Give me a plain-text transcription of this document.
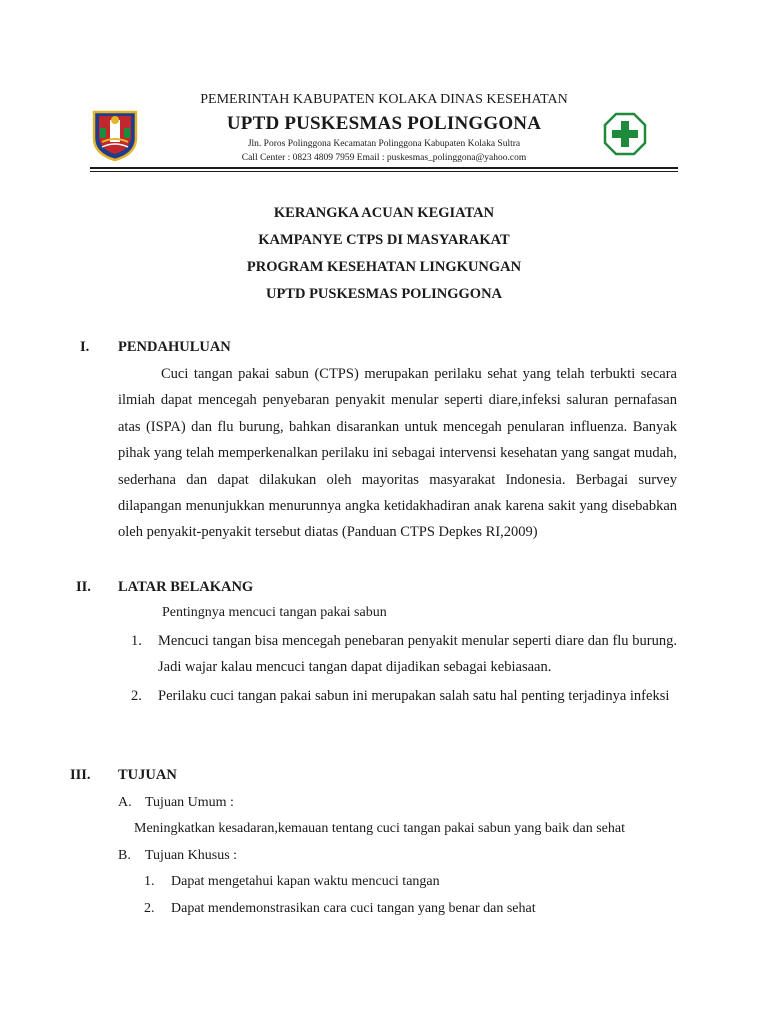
PEMERINTAH KABUPATEN KOLAKA DINAS KESEHATAN
UPTD PUSKESMAS POLINGGONA
Jln. Poros Polinggona Kecamatan Polinggona Kabupaten Kolaka Sultra
Call Center : 0823 4809 7959 Email : puskesmas_polinggona@yahoo.com
KERANGKA ACUAN KEGIATAN
KAMPANYE CTPS DI MASYARAKAT
PROGRAM KESEHATAN LINGKUNGAN
UPTD PUSKESMAS POLINGGONA
I. PENDAHULUAN
Cuci tangan pakai sabun (CTPS) merupakan perilaku sehat yang telah terbukti secara ilmiah dapat mencegah penyebaran penyakit menular seperti diare,infeksi saluran pernafasan atas (ISPA) dan flu burung, bahkan disarankan untuk mencegah penularan influenza. Banyak pihak yang telah memperkenalkan perilaku ini sebagai intervensi kesehatan yang sangat mudah, sederhana dan dapat dilakukan oleh mayoritas masyarakat Indonesia. Berbagai survey dilapangan menunjukkan menurunnya angka ketidakhadiran anak karena sakit yang disebabkan oleh penyakit-penyakit tersebut diatas (Panduan CTPS Depkes RI,2009)
II. LATAR BELAKANG
Pentingnya mencuci tangan pakai sabun
1.	Mencuci tangan bisa mencegah penebaran penyakit menular seperti diare dan flu burung. Jadi wajar kalau mencuci tangan dapat dijadikan sebagai kebiasaan.
2.	Perilaku cuci tangan pakai sabun ini merupakan salah satu hal penting terjadinya infeksi
III. TUJUAN
A. Tujuan Umum :
Meningkatkan kesadaran,kemauan tentang cuci tangan pakai sabun yang baik dan sehat
B. Tujuan Khusus :
1. Dapat mengetahui kapan waktu mencuci tangan
2. Dapat mendemonstrasikan cara cuci tangan yang benar dan sehat
